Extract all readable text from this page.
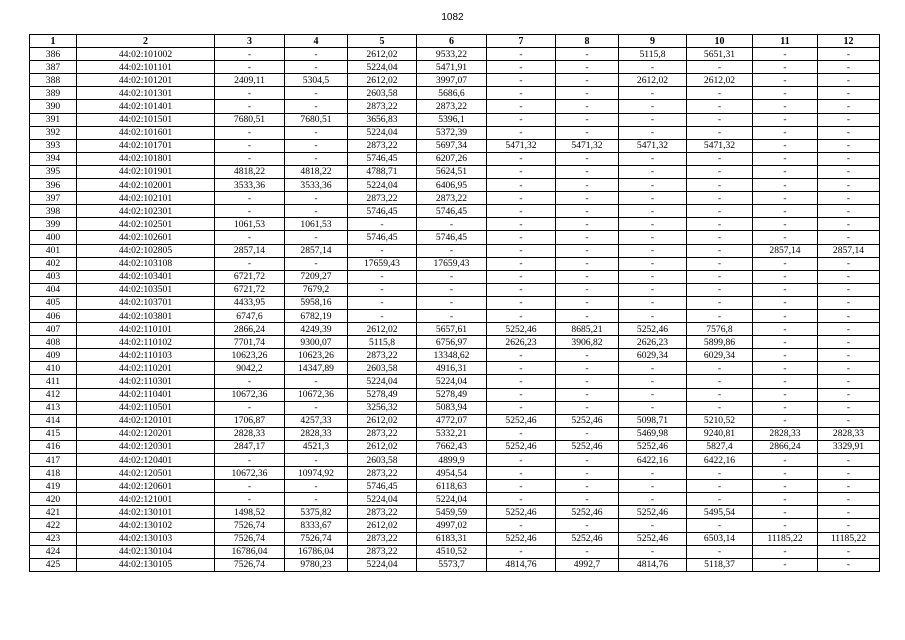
1082
1	2	3	4	5	6	7	8	9	10	11	12
386	44:02:101002	-	-	2612,02	9533,22	-	-	5115,8	5651,31	-	-
387	44:02:101101	-	-	5224,04	5471,91	-	-	-	-	-	-
388	44:02:101201	2409,11	5304,5	2612,02	3997,07	-	-	2612,02	2612,02	-	-
389	44:02:101301	-	-	2603,58	5686,6	-	-	-	-	-	-
390	44:02:101401	-	-	2873,22	2873,22	-	-	-	-	-	-
391	44:02:101501	7680,51	7680,51	3656,83	5396,1	-	-	-	-	-	-
392	44:02:101601	-	-	5224,04	5372,39	-	-	-	-	-	-
393	44:02:101701	-	-	2873,22	5697,34	5471,32	5471,32	5471,32	5471,32	-	-
394	44:02:101801	-	-	5746,45	6207,26	-	-	-	-	-	-
395	44:02:101901	4818,22	4818,22	4788,71	5624,51	-	-	-	-	-	-
396	44:02:102001	3533,36	3533,36	5224,04	6406,95	-	-	-	-	-	-
397	44:02:102101	-	-	2873,22	2873,22	-	-	-	-	-	-
398	44:02:102301	-	-	5746,45	5746,45	-	-	-	-	-	-
399	44:02:102501	1061,53	1061,53	-	-	-	-	-	-	-	-
400	44:02:102601	-	-	5746,45	5746,45	-	-	-	-	-	-
401	44:02:102805	2857,14	2857,14	-	-	-	-	-	-	2857,14	2857,14
402	44:02:103108	-	-	17659,43	17659,43	-	-	-	-	-	-
403	44:02:103401	6721,72	7209,27	-	-	-	-	-	-	-	-
404	44:02:103501	6721,72	7679,2	-	-	-	-	-	-	-	-
405	44:02:103701	4433,95	5958,16	-	-	-	-	-	-	-	-
406	44:02:103801	6747,6	6782,19	-	-	-	-	-	-	-	-
407	44:02:110101	2866,24	4249,39	2612,02	5657,61	5252,46	8685,21	5252,46	7576,8	-	-
408	44:02:110102	7701,74	9300,07	5115,8	6756,97	2626,23	3906,82	2626,23	5899,86	-	-
409	44:02:110103	10623,26	10623,26	2873,22	13348,62	-	-	6029,34	6029,34	-	-
410	44:02:110201	9042,2	14347,89	2603,58	4916,31	-	-	-	-	-	-
411	44:02:110301	-	-	5224,04	5224,04	-	-	-	-	-	-
412	44:02:110401	10672,36	10672,36	5278,49	5278,49	-	-	-	-	-	-
413	44:02:110501	-	-	3256,32	5083,94	-	-	-	-	-	-
414	44:02:120101	1706,87	4257,33	2612,02	4772,07	5252,46	5252,46	5098,71	5210,52	-	-
415	44:02:120201	2828,33	2828,33	2873,22	5332,21	-	-	5469,98	9240,81	2828,33	2828,33
416	44:02:120301	2847,17	4521,3	2612,02	7662,43	5252,46	5252,46	5252,46	5827,4	2866,24	3329,91
417	44:02:120401	-	-	2603,58	4899,9	-	-	6422,16	6422,16	-	-
418	44:02:120501	10672,36	10974,92	2873,22	4954,54	-	-	-	-	-	-
419	44:02:120601	-	-	5746,45	6118,63	-	-	-	-	-	-
420	44:02:121001	-	-	5224,04	5224,04	-	-	-	-	-	-
421	44:02:130101	1498,52	5375,82	2873,22	5459,59	5252,46	5252,46	5252,46	5495,54	-	-
422	44:02:130102	7526,74	8333,67	2612,02	4997,02	-	-	-	-	-	-
423	44:02:130103	7526,74	7526,74	2873,22	6183,31	5252,46	5252,46	5252,46	6503,14	11185,22	11185,22
424	44:02:130104	16786,04	16786,04	2873,22	4510,52	-	-	-	-	-	-
425	44:02:130105	7526,74	9780,23	5224,04	5573,7	4814,76	4992,7	4814,76	5118,37	-	-
